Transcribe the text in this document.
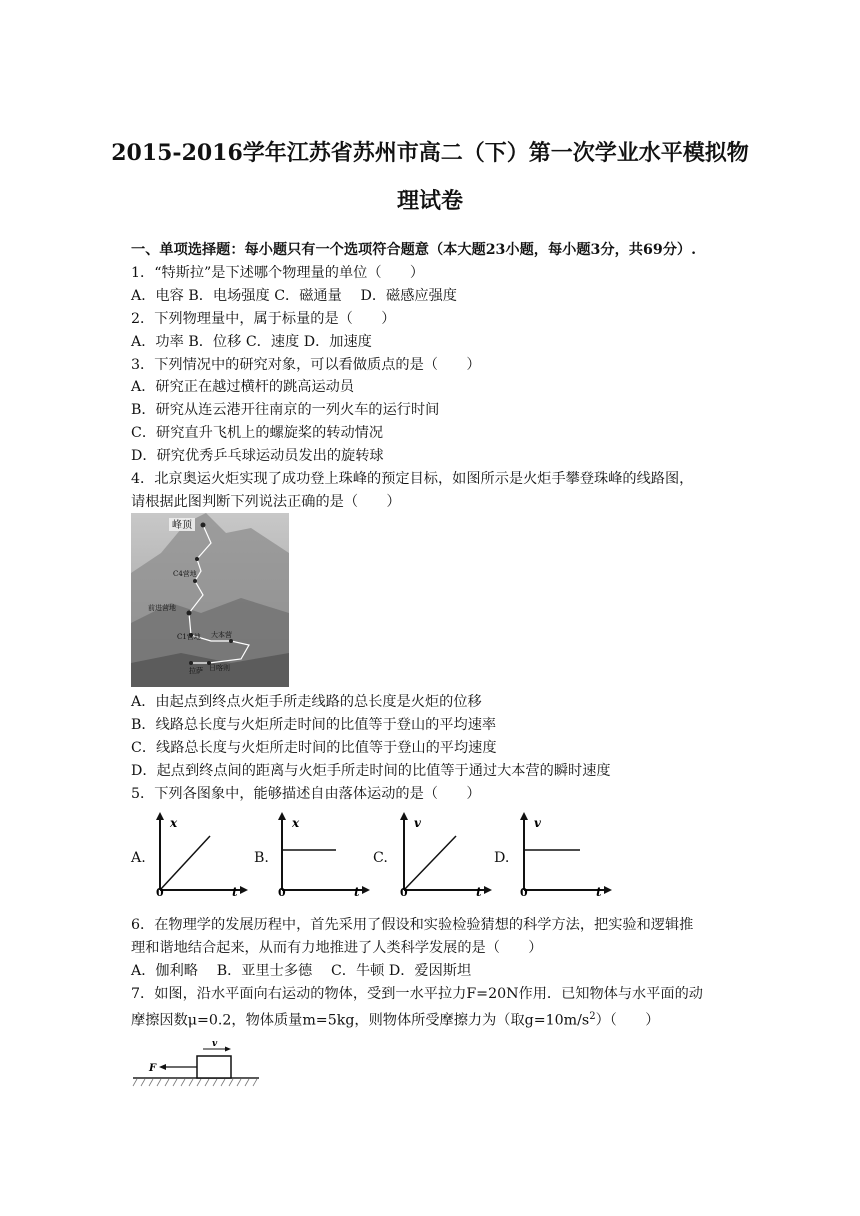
2015-2016学年江苏省苏州市高二（下）第一次学业水平模拟物
理试卷
一、单项选择题：每小题只有一个选项符合题意（本大题23小题，每小题3分，共69分）.
1．“特斯拉”是下述哪个物理量的单位（　　）
A．电容 B．电场强度 C．磁通量　 D．磁感应强度
2．下列物理量中，属于标量的是（　　）
A．功率 B．位移 C．速度 D．加速度
3．下列情况中的研究对象，可以看做质点的是（　　）
A．研究正在越过横杆的跳高运动员
B．研究从连云港开往南京的一列火车的运行时间
C．研究直升飞机上的螺旋桨的转动情况
D．研究优秀乒乓球运动员发出的旋转球
4．北京奥运火炬实现了成功登上珠峰的预定目标，如图所示是火炬手攀登珠峰的线路图，
请根据此图判断下列说法正确的是（　　）
峰顶
C4营地
前进营地
C1营地 大本营
拉萨 日喀则
A．由起点到终点火炬手所走线路的总长度是火炬的位移
B．线路总长度与火炬所走时间的比值等于登山的平均速率
C．线路总长度与火炬所走时间的比值等于登山的平均速度
D．起点到终点间的距离与火炬手所走时间的比值等于通过大本营的瞬时速度
5．下列各图象中，能够描述自由落体运动的是（　　）
A.
x
t
0
B.
x
t
0
C.
v
t
0
D.
v
t
0
6．在物理学的发展历程中，首先采用了假设和实验检验猜想的科学方法，把实验和逻辑推
理和谐地结合起来，从而有力地推进了人类科学发展的是（　　）
A．伽利略　 B．亚里士多德　 C．牛顿 D．爱因斯坦
7．如图，沿水平面向右运动的物体，受到一水平拉力F=20N作用．已知物体与水平面的动
摩擦因数μ=0.2，物体质量m=5kg，则物体所受摩擦力为（取$g=10m/s^2$）（　　）
F
v
